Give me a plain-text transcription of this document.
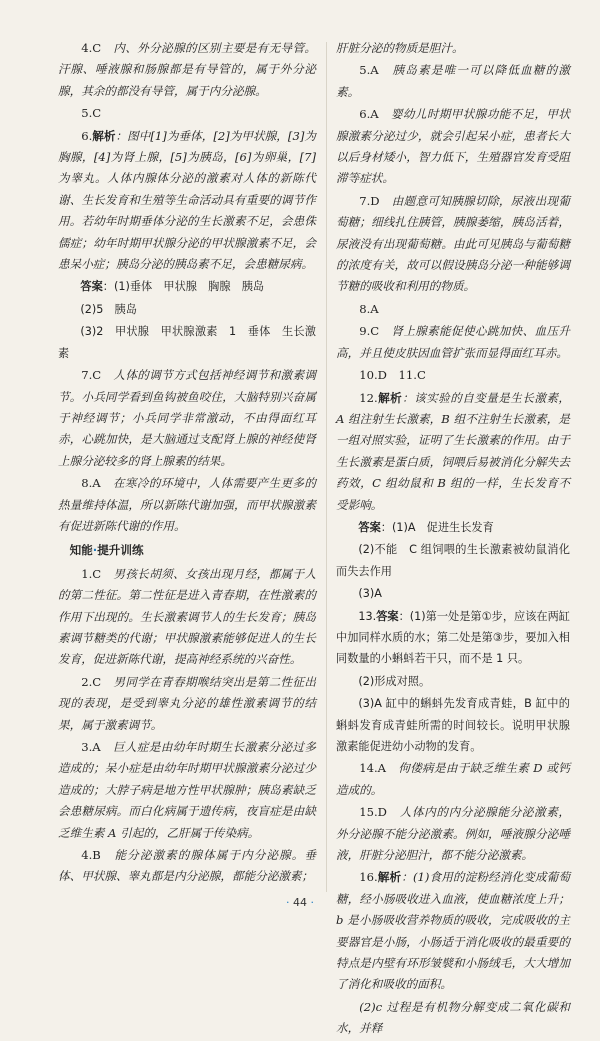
4.C　 内、外分泌腺的区别主要是有无导管。汗腺、唾液腺和肠腺都是有导管的，属于外分泌腺，其余的都没有导管，属于内分泌腺。

5.C

6.解析：图中[1]为垂体，[2]为甲状腺，[3]为胸腺，[4]为肾上腺，[5]为胰岛，[6]为卵巢，[7]为睾丸。人体内腺体分泌的激素对人体的新陈代谢、生长发育和生殖等生命活动具有重要的调节作用。若幼年时期垂体分泌的生长激素不足，会患侏儒症；幼年时期甲状腺分泌的甲状腺激素不足，会患呆小症；胰岛分泌的胰岛素不足，会患糖尿病。

答案：(1)垂体　甲状腺　胸腺　胰岛

(2)5　胰岛

(3)2　甲状腺　甲状腺激素　1　垂体　生长激素

7.C　 人体的调节方式包括神经调节和激素调节。小兵同学看到鱼钩被鱼咬住，大脑特别兴奋属于神经调节；小兵同学非常激动，不由得面红耳赤，心跳加快，是大脑通过支配肾上腺的神经使肾上腺分泌较多的肾上腺素的结果。

8.A　 在寒冷的环境中，人体需要产生更多的热量维持体温，所以新陈代谢加强，而甲状腺激素有促进新陈代谢的作用。

知能·提升训练

1.C　 男孩长胡须、女孩出现月经，都属于人的第二性征。第二性征是进入青春期，在性激素的作用下出现的。生长激素调节人的生长发育；胰岛素调节糖类的代谢；甲状腺激素能够促进人的生长发育，促进新陈代谢，提高神经系统的兴奋性。

2.C　 男同学在青春期喉结突出是第二性征出现的表现，是受到睾丸分泌的雄性激素调节的结果，属于激素调节。

3.A　 巨人症是由幼年时期生长激素分泌过多造成的；呆小症是由幼年时期甲状腺激素分泌过少造成的；大脖子病是地方性甲状腺肿；胰岛素缺乏会患糖尿病。而白化病属于遗传病，夜盲症是由缺乏维生素 A 引起的，乙肝属于传染病。

4.B　 能分泌激素的腺体属于内分泌腺。垂体、甲状腺、睾丸都是内分泌腺，都能分泌激素；

肝脏分泌的物质是胆汁。

5.A　 胰岛素是唯一可以降低血糖的激素。

6.A　 婴幼儿时期甲状腺功能不足，甲状腺激素分泌过少，就会引起呆小症，患者长大以后身材矮小，智力低下，生殖器官发育受阻滞等症状。

7.D　 由题意可知胰腺切除，尿液出现葡萄糖；细线扎住胰管，胰腺萎缩，胰岛活着，尿液没有出现葡萄糖。由此可见胰岛与葡萄糖的浓度有关，故可以假设胰岛分泌一种能够调节糖的吸收和利用的物质。

8.A

9.C　 肾上腺素能促使心跳加快、血压升高，并且使皮肤因血管扩张而显得面红耳赤。

10.D　11.C

12.解析：该实验的自变量是生长激素，A 组注射生长激素，B 组不注射生长激素，是一组对照实验，证明了生长激素的作用。由于生长激素是蛋白质，饲喂后易被消化分解失去药效，C 组幼鼠和 B 组的一样，生长发育不受影响。

答案：(1)A　促进生长发育

(2)不能　C 组饲喂的生长激素被幼鼠消化而失去作用

(3)A

13.答案：(1)第一处是第①步，应该在两缸中加同样水质的水；第二处是第③步，要加入相同数量的小蝌蚪若干只，而不是 1 只。

(2)形成对照。

(3)A 缸中的蝌蚪先发育成青蛙，B 缸中的蝌蚪发育成青蛙所需的时间较长。说明甲状腺激素能促进幼小动物的发育。

14.A　 佝偻病是由于缺乏维生素 D 或钙造成的。

15.D　 人体内的内分泌腺能分泌激素，外分泌腺不能分泌激素。例如，唾液腺分泌唾液，肝脏分泌胆汁，都不能分泌激素。

16.解析：(1)食用的淀粉经消化变成葡萄糖，经小肠吸收进入血液，使血糖浓度上升；b 是小肠吸收营养物质的吸收，完成吸收的主要器官是小肠，小肠适于消化吸收的最重要的特点是内壁有环形皱襞和小肠绒毛，大大增加了消化和吸收的面积。

(2)c 过程是有机物分解变成二氧化碳和水，并释

· 44 ·
